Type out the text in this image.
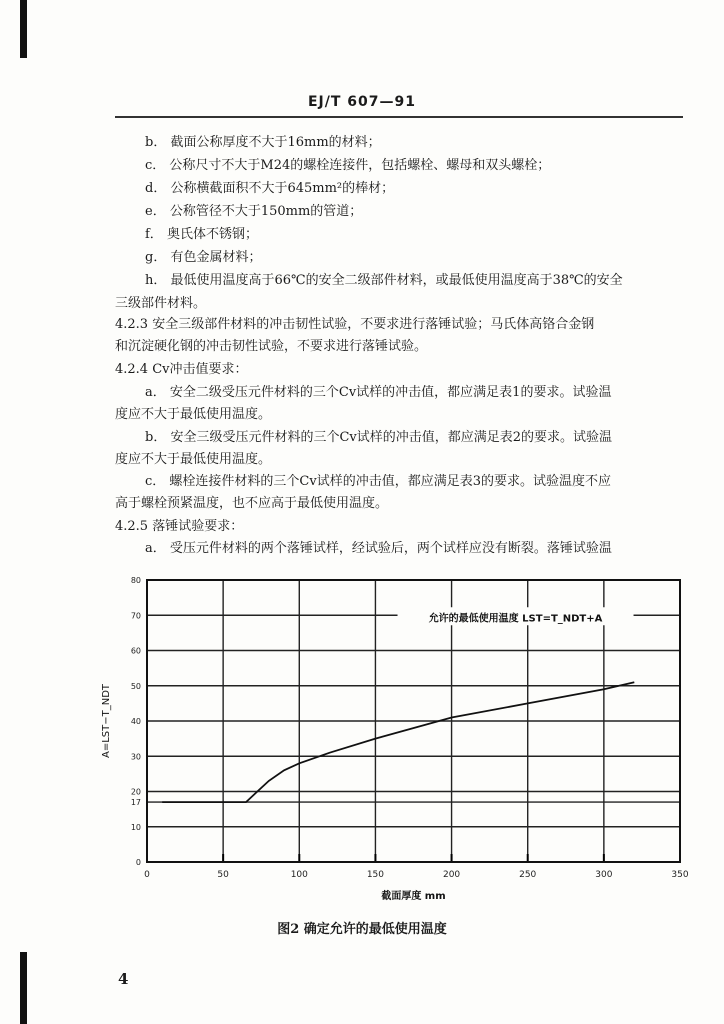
EJ/T 607—91
b． 截面公称厚度不大于16mm的材料；
c． 公称尺寸不大于M24的螺栓连接件，包括螺栓、螺母和双头螺栓；
d． 公称横截面积不大于645mm²的棒材；
e． 公称管径不大于150mm的管道；
f． 奥氏体不锈钢；
g． 有色金属材料；
h． 最低使用温度高于66℃的安全二级部件材料，或最低使用温度高于38℃的安全
三级部件材料。
4.2.3 安全三级部件材料的冲击韧性试验，不要求进行落锤试验；马氏体高铬合金钢
和沉淀硬化钢的冲击韧性试验，不要求进行落锤试验。
4.2.4 Cv冲击值要求：
a． 安全二级受压元件材料的三个Cv试样的冲击值，都应满足表1的要求。试验温
度应不大于最低使用温度。
b． 安全三级受压元件材料的三个Cv试样的冲击值，都应满足表2的要求。试验温
度应不大于最低使用温度。
c． 螺栓连接件材料的三个Cv试样的冲击值，都应满足表3的要求。试验温度不应
高于螺栓预紧温度，也不应高于最低使用温度。
4.2.5 落锤试验要求：
a． 受压元件材料的两个落锤试样，经试验后，两个试样应没有断裂。落锤试验温
0	50	100	150	200	250	300	350
0
10
17
20
30
40
50
60
70
80
允许的最低使用温度 LST=T_NDT+A
截面厚度 mm
A=LST−T_NDT
图2 确定允许的最低使用温度
4
